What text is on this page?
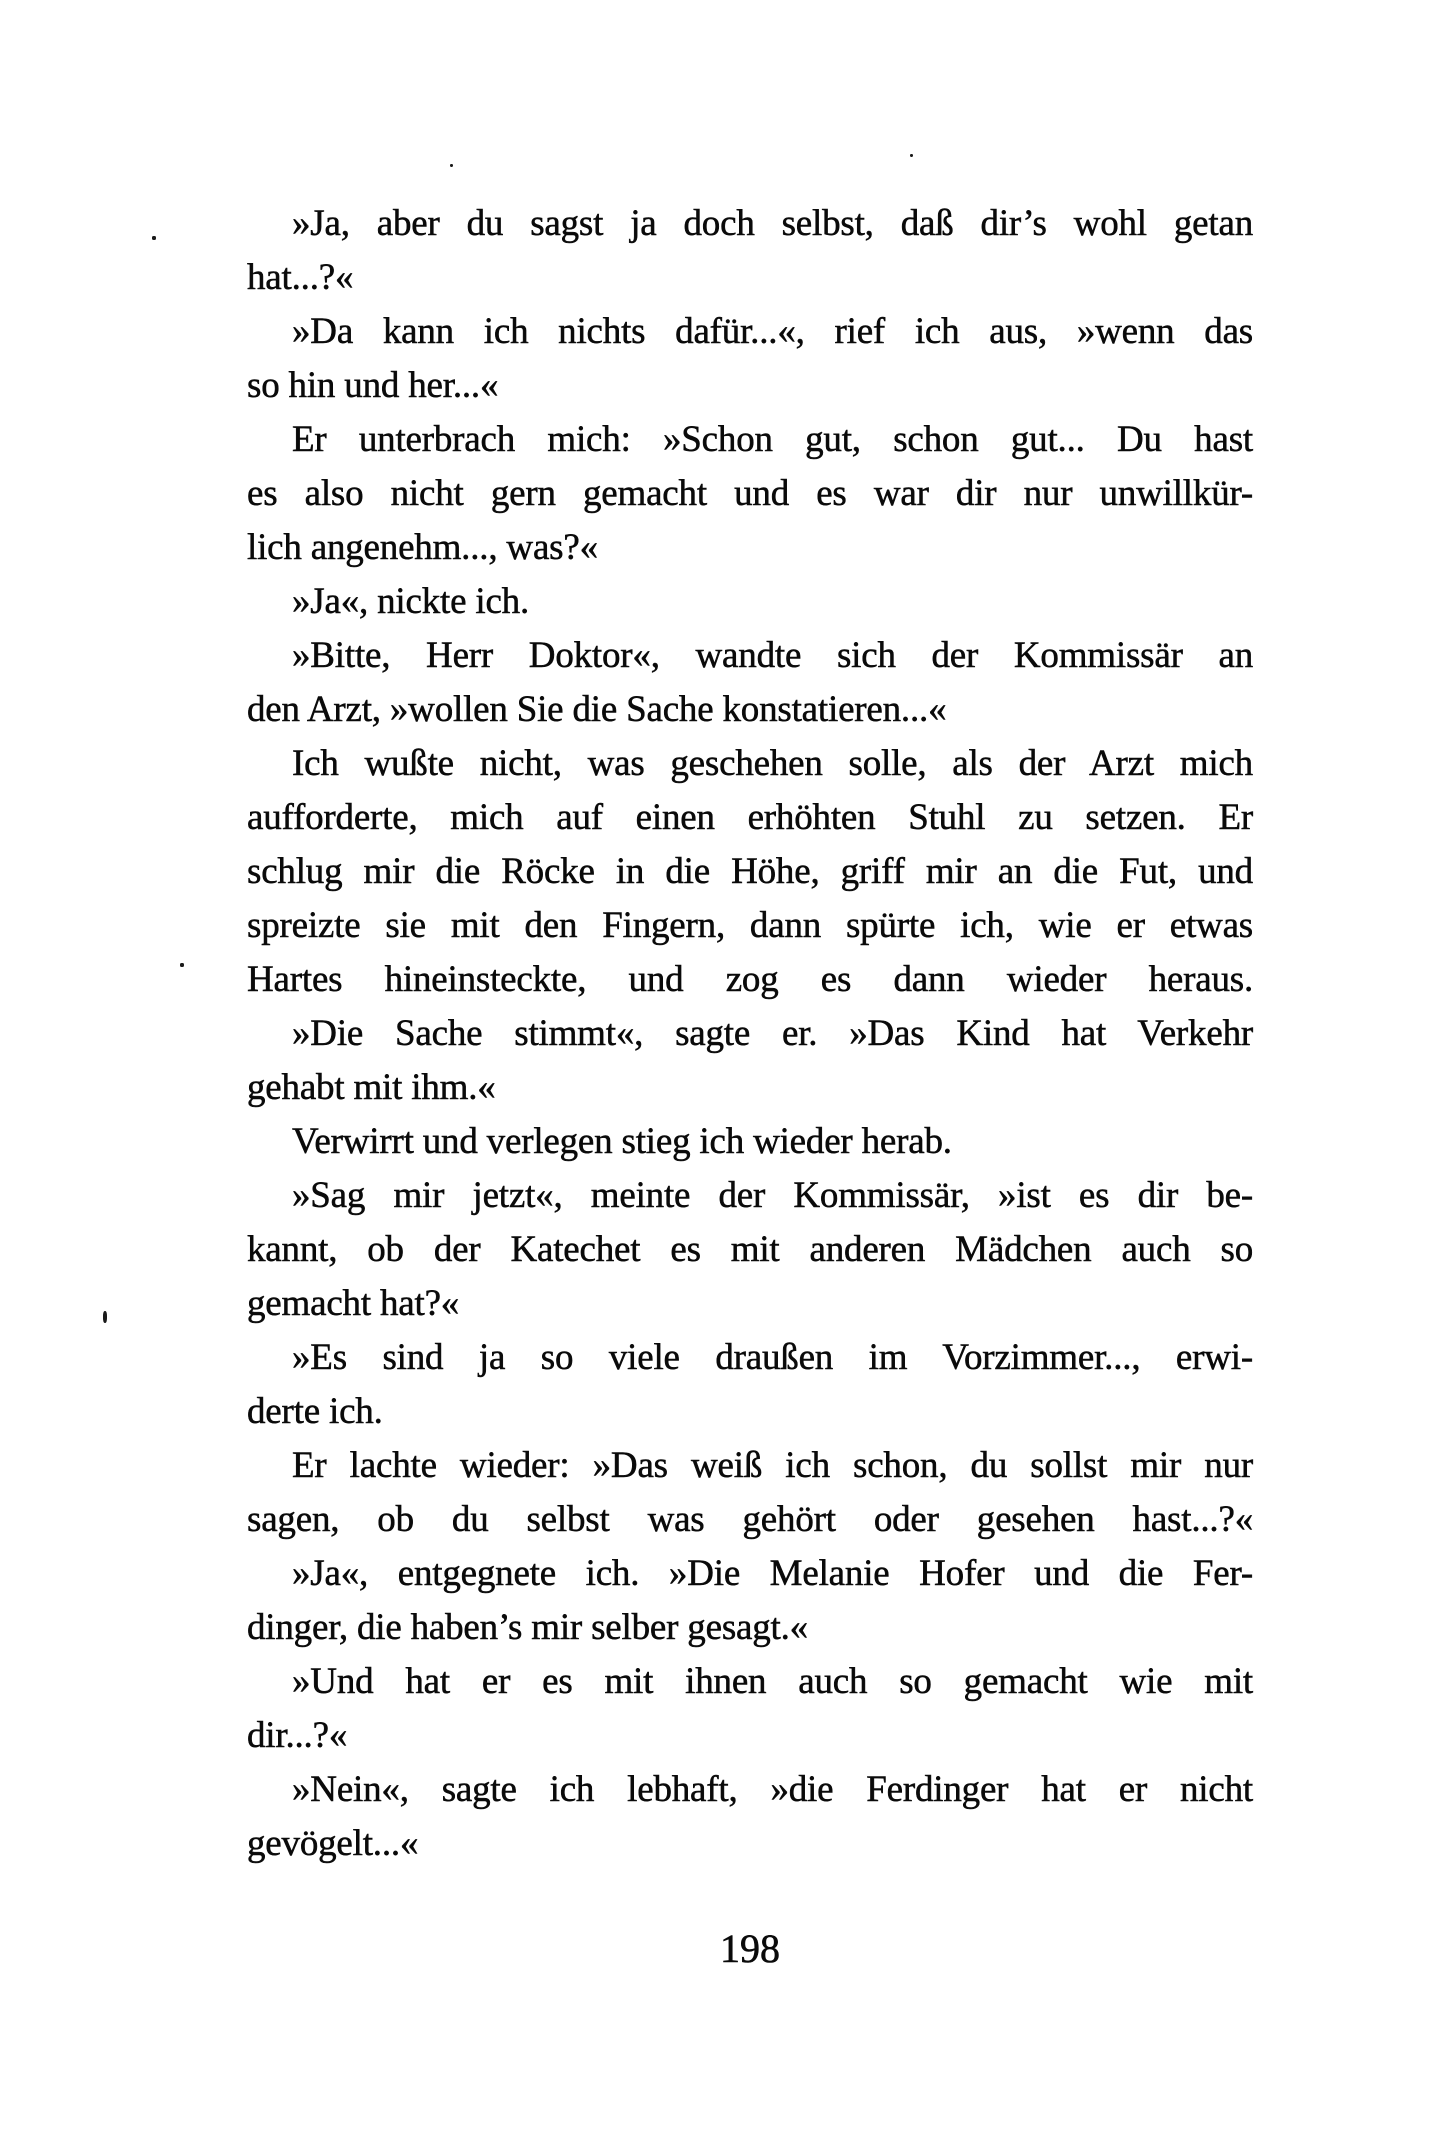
»Ja, aber du sagst ja doch selbst, daß dir’s wohl getan
hat...?«
»Da kann ich nichts dafür...«, rief ich aus, »wenn das
so hin und her...«
Er unterbrach mich: »Schon gut, schon gut... Du hast
es also nicht gern gemacht und es war dir nur unwillkür-
lich angenehm..., was?«
»Ja«, nickte ich.
»Bitte, Herr Doktor«, wandte sich der Kommissär an
den Arzt, »wollen Sie die Sache konstatieren...«
Ich wußte nicht, was geschehen solle, als der Arzt mich
aufforderte, mich auf einen erhöhten Stuhl zu setzen. Er
schlug mir die Röcke in die Höhe, griff mir an die Fut, und
spreizte sie mit den Fingern, dann spürte ich, wie er etwas
Hartes hineinsteckte, und zog es dann wieder heraus.
»Die Sache stimmt«, sagte er. »Das Kind hat Verkehr
gehabt mit ihm.«
Verwirrt und verlegen stieg ich wieder herab.
»Sag mir jetzt«, meinte der Kommissär, »ist es dir be-
kannt, ob der Katechet es mit anderen Mädchen auch so
gemacht hat?«
»Es sind ja so viele draußen im Vorzimmer..., erwi-
derte ich.
Er lachte wieder: »Das weiß ich schon, du sollst mir nur
sagen, ob du selbst was gehört oder gesehen hast...?«
»Ja«, entgegnete ich. »Die Melanie Hofer und die Fer-
dinger, die haben’s mir selber gesagt.«
»Und hat er es mit ihnen auch so gemacht wie mit
dir...?«
»Nein«, sagte ich lebhaft, »die Ferdinger hat er nicht
gevögelt...«
198
